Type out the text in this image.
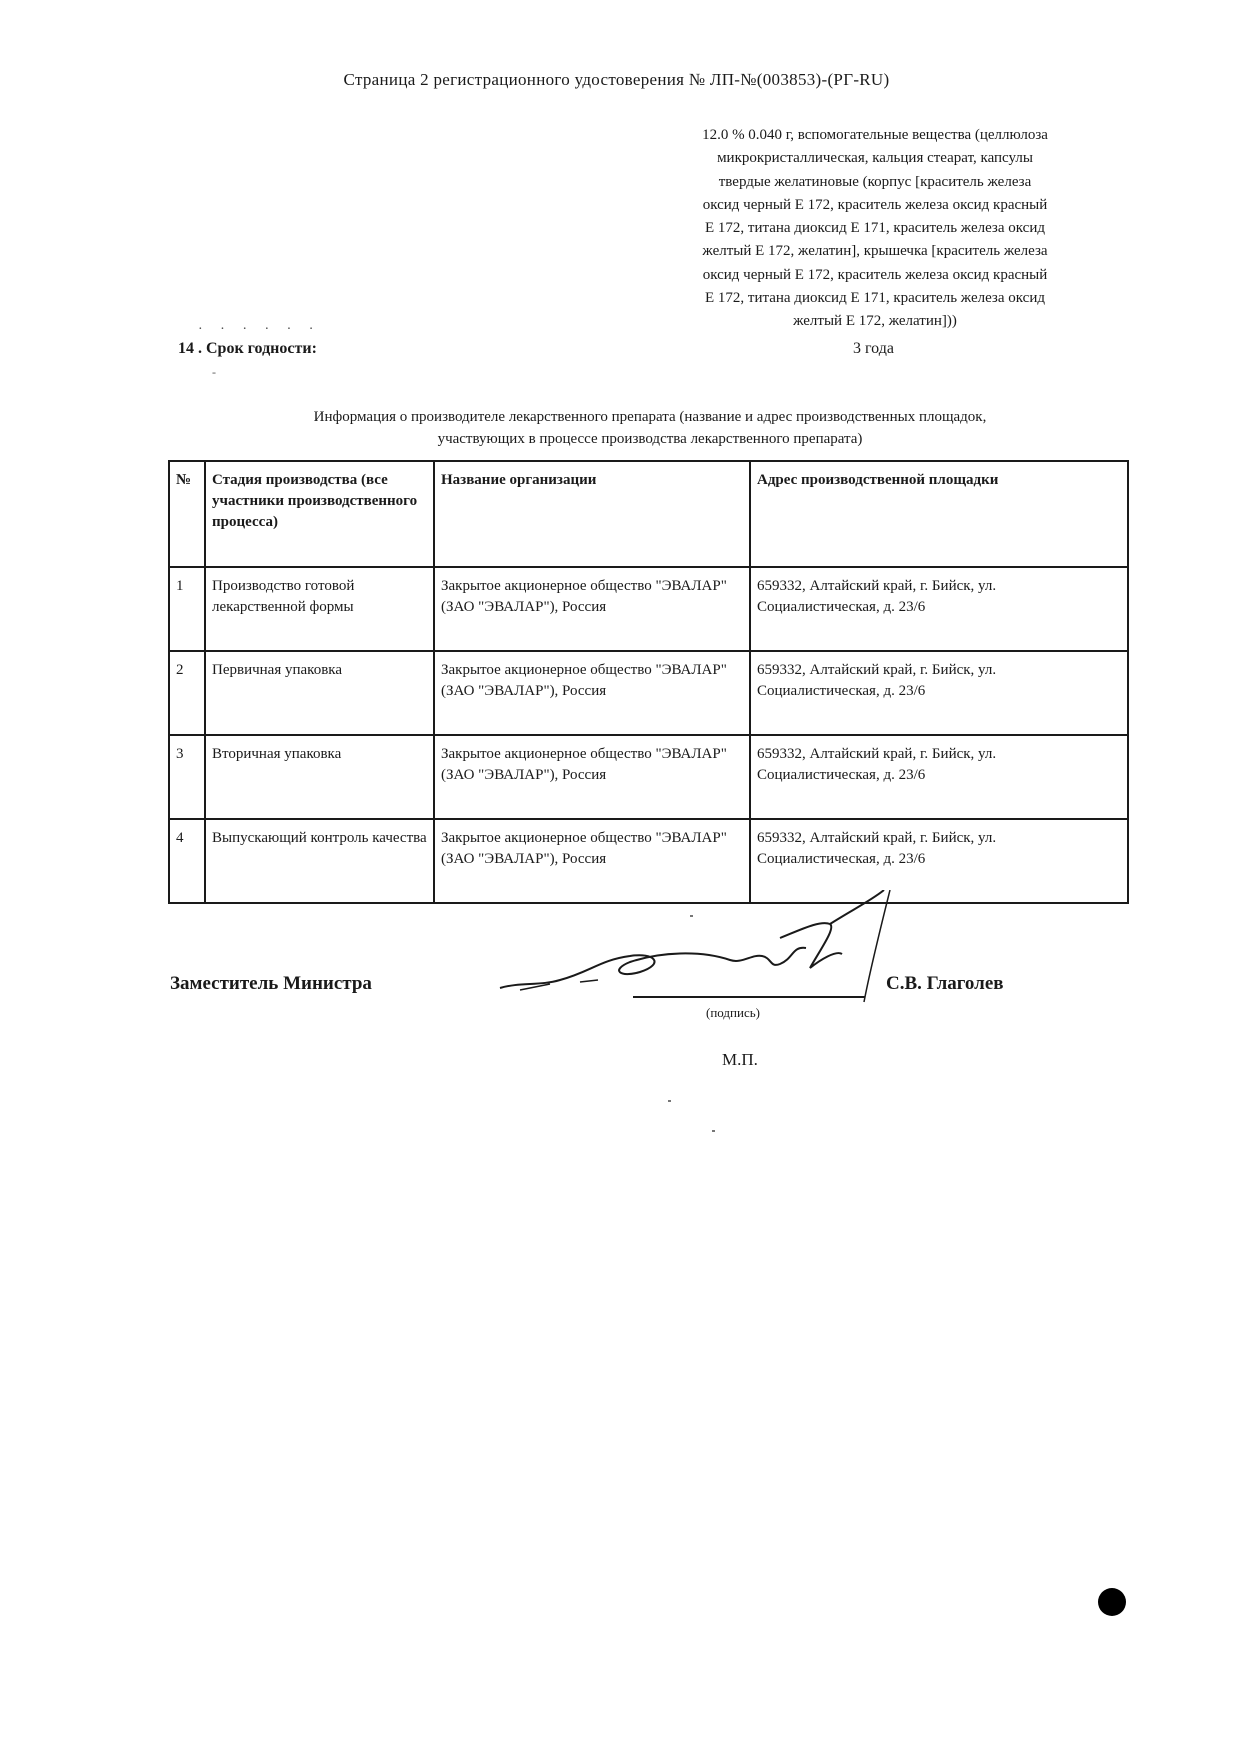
Страница 2 регистрационного удостоверения № ЛП-№(003853)-(РГ-RU)
12.0 % 0.040 г, вспомогательные вещества (целлюлоза
микрокристаллическая, кальция стеарат, капсулы
твердые желатиновые (корпус [краситель железа
оксид черный Е 172, краситель железа оксид красный
Е 172, титана диоксид Е 171, краситель железа оксид
желтый Е 172, желатин], крышечка [краситель железа
оксид черный Е 172, краситель железа оксид красный
Е 172, титана диоксид Е 171, краситель железа оксид
желтый Е 172, желатин]))
· · · · · ·
14 . Срок годности:	3 года
-
Информация о производителе лекарственного препарата (название и адрес производственных площадок,
участвующих в процессе производства лекарственного препарата)
№	Стадия производства (все участники производственного процесса)	Название организации	Адрес производственной площадки
1	Производство готовой лекарственной формы	Закрытое акционерное общество "ЭВАЛАР" (ЗАО "ЭВАЛАР"), Россия	659332, Алтайский край, г. Бийск, ул. Социалистическая, д. 23/6
2	Первичная упаковка	Закрытое акционерное общество "ЭВАЛАР" (ЗАО "ЭВАЛАР"), Россия	659332, Алтайский край, г. Бийск, ул. Социалистическая, д. 23/6
3	Вторичная упаковка	Закрытое акционерное общество "ЭВАЛАР" (ЗАО "ЭВАЛАР"), Россия	659332, Алтайский край, г. Бийск, ул. Социалистическая, д. 23/6
4	Выпускающий контроль качества	Закрытое акционерное общество "ЭВАЛАР" (ЗАО "ЭВАЛАР"), Россия	659332, Алтайский край, г. Бийск, ул. Социалистическая, д. 23/6
Заместитель Министра	С.В. Глаголев
(подпись)
М.П.
